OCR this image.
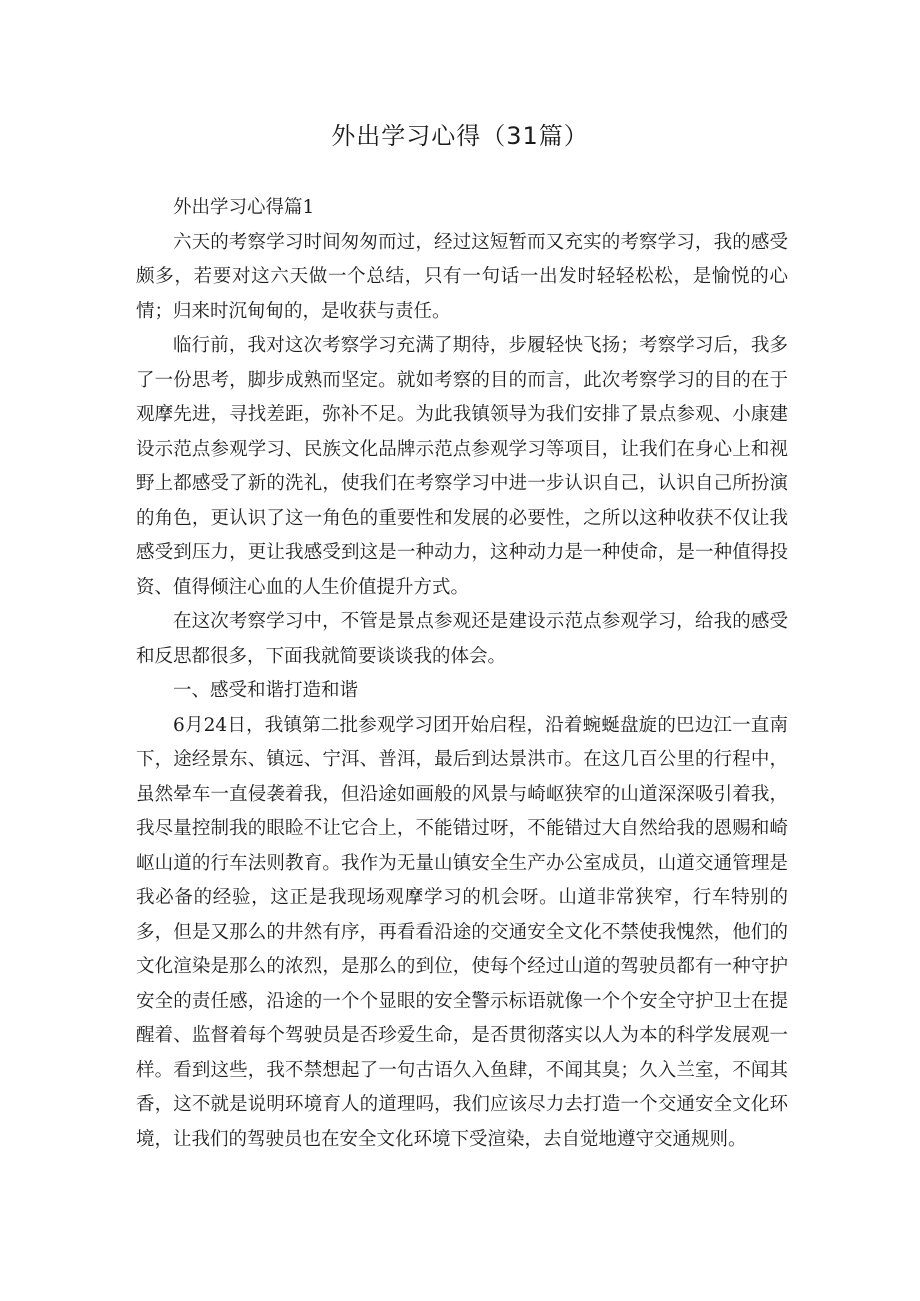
外出学习心得（31篇）

外出学习心得篇1

六天的考察学习时间匆匆而过，经过这短暂而又充实的考察学习，我的感受颇多，若要对这六天做一个总结，只有一句话一出发时轻轻松松，是愉悦的心情；归来时沉甸甸的，是收获与责任。

临行前，我对这次考察学习充满了期待，步履轻快飞扬；考察学习后，我多了一份思考，脚步成熟而坚定。就如考察的目的而言，此次考察学习的目的在于观摩先进，寻找差距，弥补不足。为此我镇领导为我们安排了景点参观、小康建设示范点参观学习、民族文化品牌示范点参观学习等项目，让我们在身心上和视野上都感受了新的洗礼，使我们在考察学习中进一步认识自己，认识自己所扮演的角色，更认识了这一角色的重要性和发展的必要性，之所以这种收获不仅让我感受到压力，更让我感受到这是一种动力，这种动力是一种使命，是一种值得投资、值得倾注心血的人生价值提升方式。

在这次考察学习中，不管是景点参观还是建设示范点参观学习，给我的感受和反思都很多，下面我就简要谈谈我的体会。

一、感受和谐打造和谐

6月24日，我镇第二批参观学习团开始启程，沿着蜿蜒盘旋的巴边江一直南下，途经景东、镇远、宁洱、普洱，最后到达景洪市。在这几百公里的行程中，虽然晕车一直侵袭着我，但沿途如画般的风景与崎岖狭窄的山道深深吸引着我，我尽量控制我的眼睑不让它合上，不能错过呀，不能错过大自然给我的恩赐和崎岖山道的行车法则教育。我作为无量山镇安全生产办公室成员，山道交通管理是我必备的经验，这正是我现场观摩学习的机会呀。山道非常狭窄，行车特别的多，但是又那么的井然有序，再看看沿途的交通安全文化不禁使我愧然，他们的文化渲染是那么的浓烈，是那么的到位，使每个经过山道的驾驶员都有一种守护安全的责任感，沿途的一个个显眼的安全警示标语就像一个个安全守护卫士在提醒着、监督着每个驾驶员是否珍爱生命，是否贯彻落实以人为本的科学发展观一样。看到这些，我不禁想起了一句古语久入鱼肆，不闻其臭；久入兰室，不闻其香，这不就是说明环境育人的道理吗，我们应该尽力去打造一个交通安全文化环境，让我们的驾驶员也在安全文化环境下受渲染，去自觉地遵守交通规则。
